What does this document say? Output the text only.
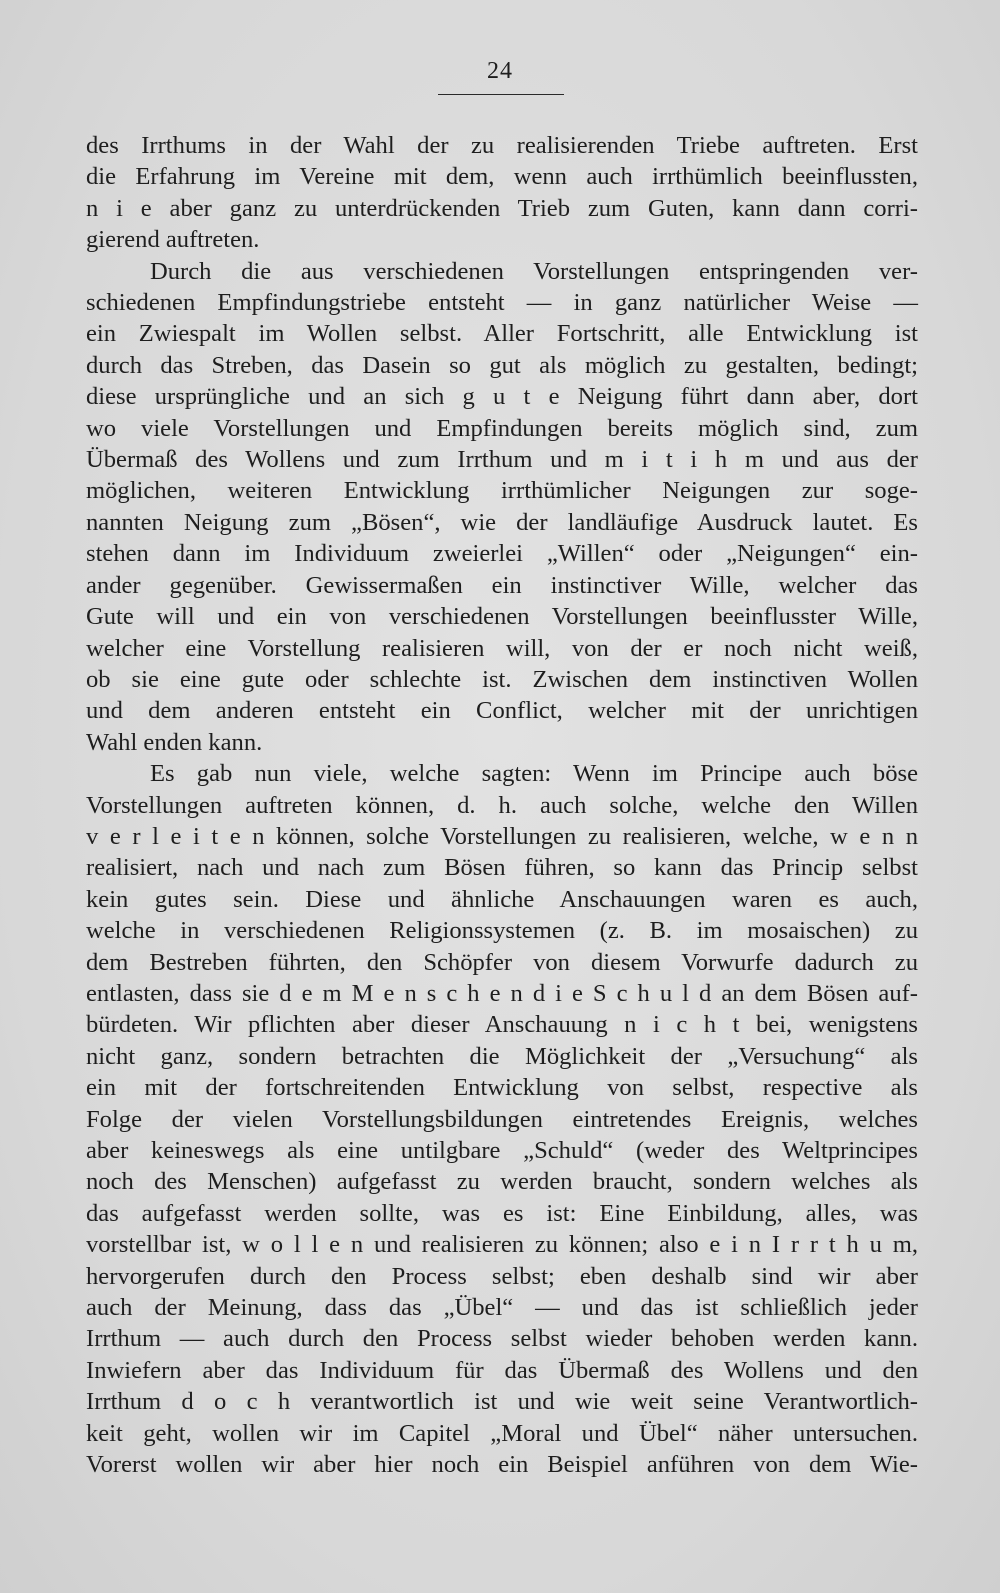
24
des Irrthums in der Wahl der zu realisierenden Triebe auftreten. Erst
die Erfahrung im Vereine mit dem, wenn auch irrthümlich beeinflussten,
n i e aber ganz zu unterdrückenden Trieb zum Guten, kann dann corri-
gierend auftreten.
Durch die aus verschiedenen Vorstellungen entspringenden ver-
schiedenen Empfindungstriebe entsteht — in ganz natürlicher Weise —
ein Zwiespalt im Wollen selbst. Aller Fortschritt, alle Entwicklung ist
durch das Streben, das Dasein so gut als möglich zu gestalten, bedingt;
diese ursprüngliche und an sich g u t e Neigung führt dann aber, dort
wo viele Vorstellungen und Empfindungen bereits möglich sind, zum
Übermaß des Wollens und zum Irrthum und m i t i h m und aus der
möglichen, weiteren Entwicklung irrthümlicher Neigungen zur soge-
nannten Neigung zum „Bösen“, wie der landläufige Ausdruck lautet. Es
stehen dann im Individuum zweierlei „Willen“ oder „Neigungen“ ein-
ander gegenüber. Gewissermaßen ein instinctiver Wille, welcher das
Gute will und ein von verschiedenen Vorstellungen beeinflusster Wille,
welcher eine Vorstellung realisieren will, von der er noch nicht weiß,
ob sie eine gute oder schlechte ist. Zwischen dem instinctiven Wollen
und dem anderen entsteht ein Conflict, welcher mit der unrichtigen
Wahl enden kann.
Es gab nun viele, welche sagten: Wenn im Principe auch böse
Vorstellungen auftreten können, d. h. auch solche, welche den Willen
v e r l e i t e n können, solche Vorstellungen zu realisieren, welche, w e n n
realisiert, nach und nach zum Bösen führen, so kann das Princip selbst
kein gutes sein. Diese und ähnliche Anschauungen waren es auch,
welche in verschiedenen Religionssystemen (z. B. im mosaischen) zu
dem Bestreben führten, den Schöpfer von diesem Vorwurfe dadurch zu
entlasten, dass sie d e m M e n s c h e n d i e S c h u l d an dem Bösen auf-
bürdeten. Wir pflichten aber dieser Anschauung n i c h t bei, wenigstens
nicht ganz, sondern betrachten die Möglichkeit der „Versuchung“ als
ein mit der fortschreitenden Entwicklung von selbst, respective als
Folge der vielen Vorstellungsbildungen eintretendes Ereignis, welches
aber keineswegs als eine untilgbare „Schuld“ (weder des Weltprincipes
noch des Menschen) aufgefasst zu werden braucht, sondern welches als
das aufgefasst werden sollte, was es ist: Eine Einbildung, alles, was
vorstellbar ist, w o l l e n und realisieren zu können; also e i n I r r t h u m,
hervorgerufen durch den Process selbst; eben deshalb sind wir aber
auch der Meinung, dass das „Übel“ — und das ist schließlich jeder
Irrthum — auch durch den Process selbst wieder behoben werden kann.
Inwiefern aber das Individuum für das Übermaß des Wollens und den
Irrthum d o c h verantwortlich ist und wie weit seine Verantwortlich-
keit geht, wollen wir im Capitel „Moral und Übel“ näher untersuchen.
Vorerst wollen wir aber hier noch ein Beispiel anführen von dem Wie-
